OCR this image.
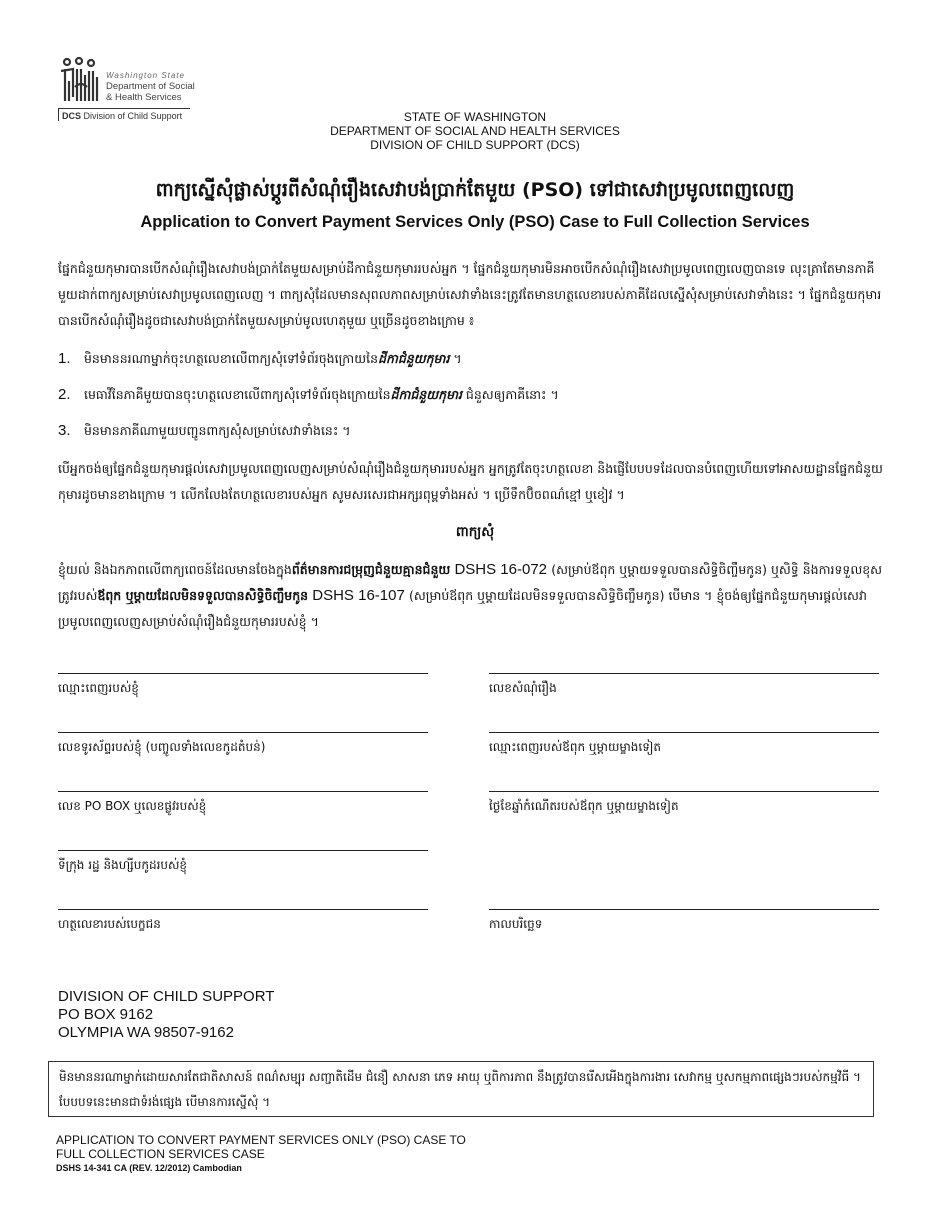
Washington State
Department of Social
& Health Services
DCS Division of Child Support	STATE OF WASHINGTON
DEPARTMENT OF SOCIAL AND HEALTH SERVICES
DIVISION OF CHILD SUPPORT (DCS)
ពាក្យស្នើសុំផ្លាស់ប្តូរពីសំណុំរឿងសេវាបង់ប្រាក់តែមួយ (PSO) ទៅជាសេវាប្រមូលពេញលេញ
Application to Convert Payment Services Only (PSO) Case to Full Collection Services
ផ្នែកជំនួយកុមារបានបើកសំណុំរឿងសេវាបង់ប្រាក់តែមួយសម្រាប់ដីកាជំនួយកុមាររបស់អ្នក ។ ផ្នែកជំនួយកុមារមិនអាចបើកសំណុំរឿងសេវាប្រមូលពេញលេញបានទេ លុះត្រាតែមានភាគីមួយដាក់ពាក្យសម្រាប់សេវាប្រមូលពេញលេញ ។ ពាក្យសុំដែលមានសុពលភាពសម្រាប់សេវាទាំងនេះត្រូវតែមានហត្ថលេខារបស់ភាគីដែលស្នើសុំសម្រាប់សេវាទាំងនេះ ។ ផ្នែកជំនួយកុមារបានបើកសំណុំរឿងដូចជាសេវាបង់ប្រាក់តែមួយសម្រាប់មូលហេតុមួយ ឬច្រើនដូចខាងក្រោម ៖
1. មិនមាននរណាម្នាក់ចុះហត្ថលេខាលើពាក្យសុំទៅទំព័រចុងក្រោយនៃដីកាជំនួយកុមារ ។
2. មេធាវីនៃភាគីមួយបានចុះហត្ថលេខាលើពាក្យសុំទៅទំព័រចុងក្រោយនៃដីកាជំនួយកុមារ ជំនួសឲ្យភាគីនោះ ។
3. មិនមានភាគីណាមួយបញ្ជូនពាក្យសុំសម្រាប់សេវាទាំងនេះ ។
បើអ្នកចង់ឲ្យផ្នែកជំនួយកុមារផ្តល់សេវាប្រមូលពេញលេញសម្រាប់សំណុំរឿងជំនួយកុមាររបស់អ្នក អ្នកត្រូវតែចុះហត្ថលេខា និងផ្ញើបែបបទដែលបានបំពេញហើយទៅអាសយដ្ឋានផ្នែកជំនួយកុមារដូចមានខាងក្រោម ។ លើកលែងតែហត្ថលេខារបស់អ្នក សូមសរសេរជាអក្សរពុម្ពទាំងអស់ ។ ប្រើទឹកប៊ិចពណ៌ខ្មៅ ឬខៀវ ។
ពាក្យសុំ
ខ្ញុំយល់ និងឯកភាពលើពាក្យពេចន៍ដែលមានចែងក្នុងព័ត៌មានការជម្រុញជំនួយគ្មានជំនួយ DSHS 16-072 (សម្រាប់ឪពុក ឬម្តាយទទួលបានសិទ្ធិចិញ្ចឹមកូន) ឬសិទ្ធិ និងការទទួលខុសត្រូវរបស់ឪពុក ឬម្តាយដែលមិនទទួលបានសិទ្ធិចិញ្ចឹមកូន DSHS 16-107 (សម្រាប់ឪពុក ឬម្តាយដែលមិនទទួលបានសិទ្ធិចិញ្ចឹមកូន) បើមាន ។ ខ្ញុំចង់ឲ្យផ្នែកជំនួយកុមារផ្តល់សេវាប្រមូលពេញលេញសម្រាប់សំណុំរឿងជំនួយកុមាររបស់ខ្ញុំ ។
ឈ្មោះពេញរបស់ខ្ញុំ	លេខសំណុំរឿង
លេខទូរស័ព្ទរបស់ខ្ញុំ (បញ្ចូលទាំងលេខកូដតំបន់)	ឈ្មោះពេញរបស់ឪពុក ឬម្តាយម្ខាងទៀត
លេខ PO BOX ឬលេខផ្លូវរបស់ខ្ញុំ	ថ្ងៃខែឆ្នាំកំណើតរបស់ឪពុក ឬម្តាយម្ខាងទៀត
ទីក្រុង រដ្ឋ និងហ្សីបកូដរបស់ខ្ញុំ
ហត្ថលេខារបស់បេក្ខជន	កាលបរិច្ឆេទ
DIVISION OF CHILD SUPPORT
PO BOX 9162
OLYMPIA WA 98507-9162
មិនមាននរណាម្នាក់ដោយសារតែជាតិសាសន៍ ពណ៌សម្បុរ សញ្ជាតិដើម ជំនឿ សាសនា ភេទ អាយុ ឬពិការភាព នឹងត្រូវបានរើសអើងក្នុងការងារ សេវាកម្ម ឬសកម្មភាពផ្សេងៗរបស់កម្មវិធី ។ បែបបទនេះមានជាទំរង់ផ្សេង បើមានការស្នើសុំ ។
APPLICATION TO CONVERT PAYMENT SERVICES ONLY (PSO) CASE TO
FULL COLLECTION SERVICES CASE
DSHS 14-341 CA (REV. 12/2012) Cambodian
